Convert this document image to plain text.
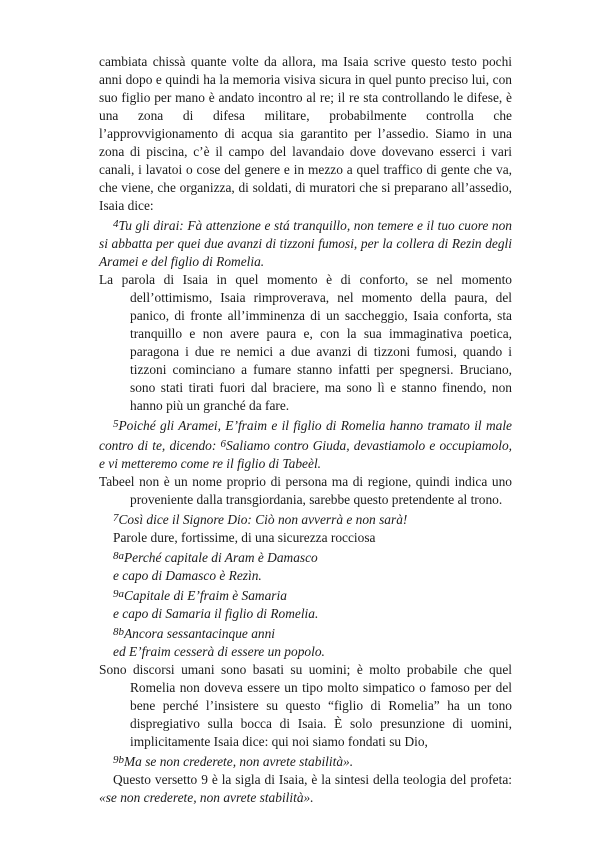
cambiata chissà quante volte da allora, ma Isaia scrive questo testo pochi anni dopo e quindi ha la memoria visiva sicura in quel punto preciso lui, con suo figlio per mano è andato incontro al re; il re sta controllando le difese, è una zona di difesa militare, probabilmente controlla che l’approvvigionamento di acqua sia garantito per l’assedio. Siamo in una zona di piscina, c’è il campo del lavandaio dove dovevano esserci i vari canali, i lavatoi o cose del genere e in mezzo a quel traffico di gente che va, che viene, che organizza, di soldati, di muratori che si preparano all’assedio, Isaia dice:

$^4$Tu gli dirai: Fà attenzione e stá tranquillo, non temere e il tuo cuore non si abbatta per quei due avanzi di tizzoni fumosi, per la collera di Rezin degli Aramei e del figlio di Romelia.

La parola di Isaia in quel momento è di conforto, se nel momento dell’ottimismo, Isaia rimproverava, nel momento della paura, del panico, di fronte all’imminenza di un saccheggio, Isaia conforta, sta tranquillo e non avere paura e, con la sua immaginativa poetica, paragona i due re nemici a due avanzi di tizzoni fumosi, quando i tizzoni cominciano a fumare stanno infatti per spegnersi. Bruciano, sono stati tirati fuori dal braciere, ma sono lì e stanno finendo, non hanno più un granché da fare.

$^5$Poiché gli Aramei, E’fraim e il figlio di Romelia hanno tramato il male contro di te, dicendo: $^6$Saliamo contro Giuda, devastiamolo e occupiamolo, e vi metteremo come re il figlio di Tabeèl.

Tabeel non è un nome proprio di persona ma di regione, quindi indica uno proveniente dalla transgiordania, sarebbe questo pretendente al trono.

$^7$Così dice il Signore Dio: Ciò non avverrà e non sarà!

Parole dure, fortissime, di una sicurezza rocciosa

$^{8a}$Perché capitale di Aram è Damasco

e capo di Damasco è Rezìn.

$^{9a}$Capitale di E’fraim è Samaria

e capo di Samaria il figlio di Romelia.

$^{8b}$Ancora sessantacinque anni

ed E’fraim cesserà di essere un popolo.

Sono discorsi umani sono basati su uomini; è molto probabile che quel Romelia non doveva essere un tipo molto simpatico o famoso per del bene perché l’insistere su questo “figlio di Romelia” ha un tono dispregiativo sulla bocca di Isaia. È solo presunzione di uomini, implicitamente Isaia dice: qui noi siamo fondati su Dio,

$^{9b}$Ma se non crederete, non avrete stabilità».

Questo versetto 9 è la sigla di Isaia, è la sintesi della teologia del profeta: «se non crederete, non avrete stabilità».
